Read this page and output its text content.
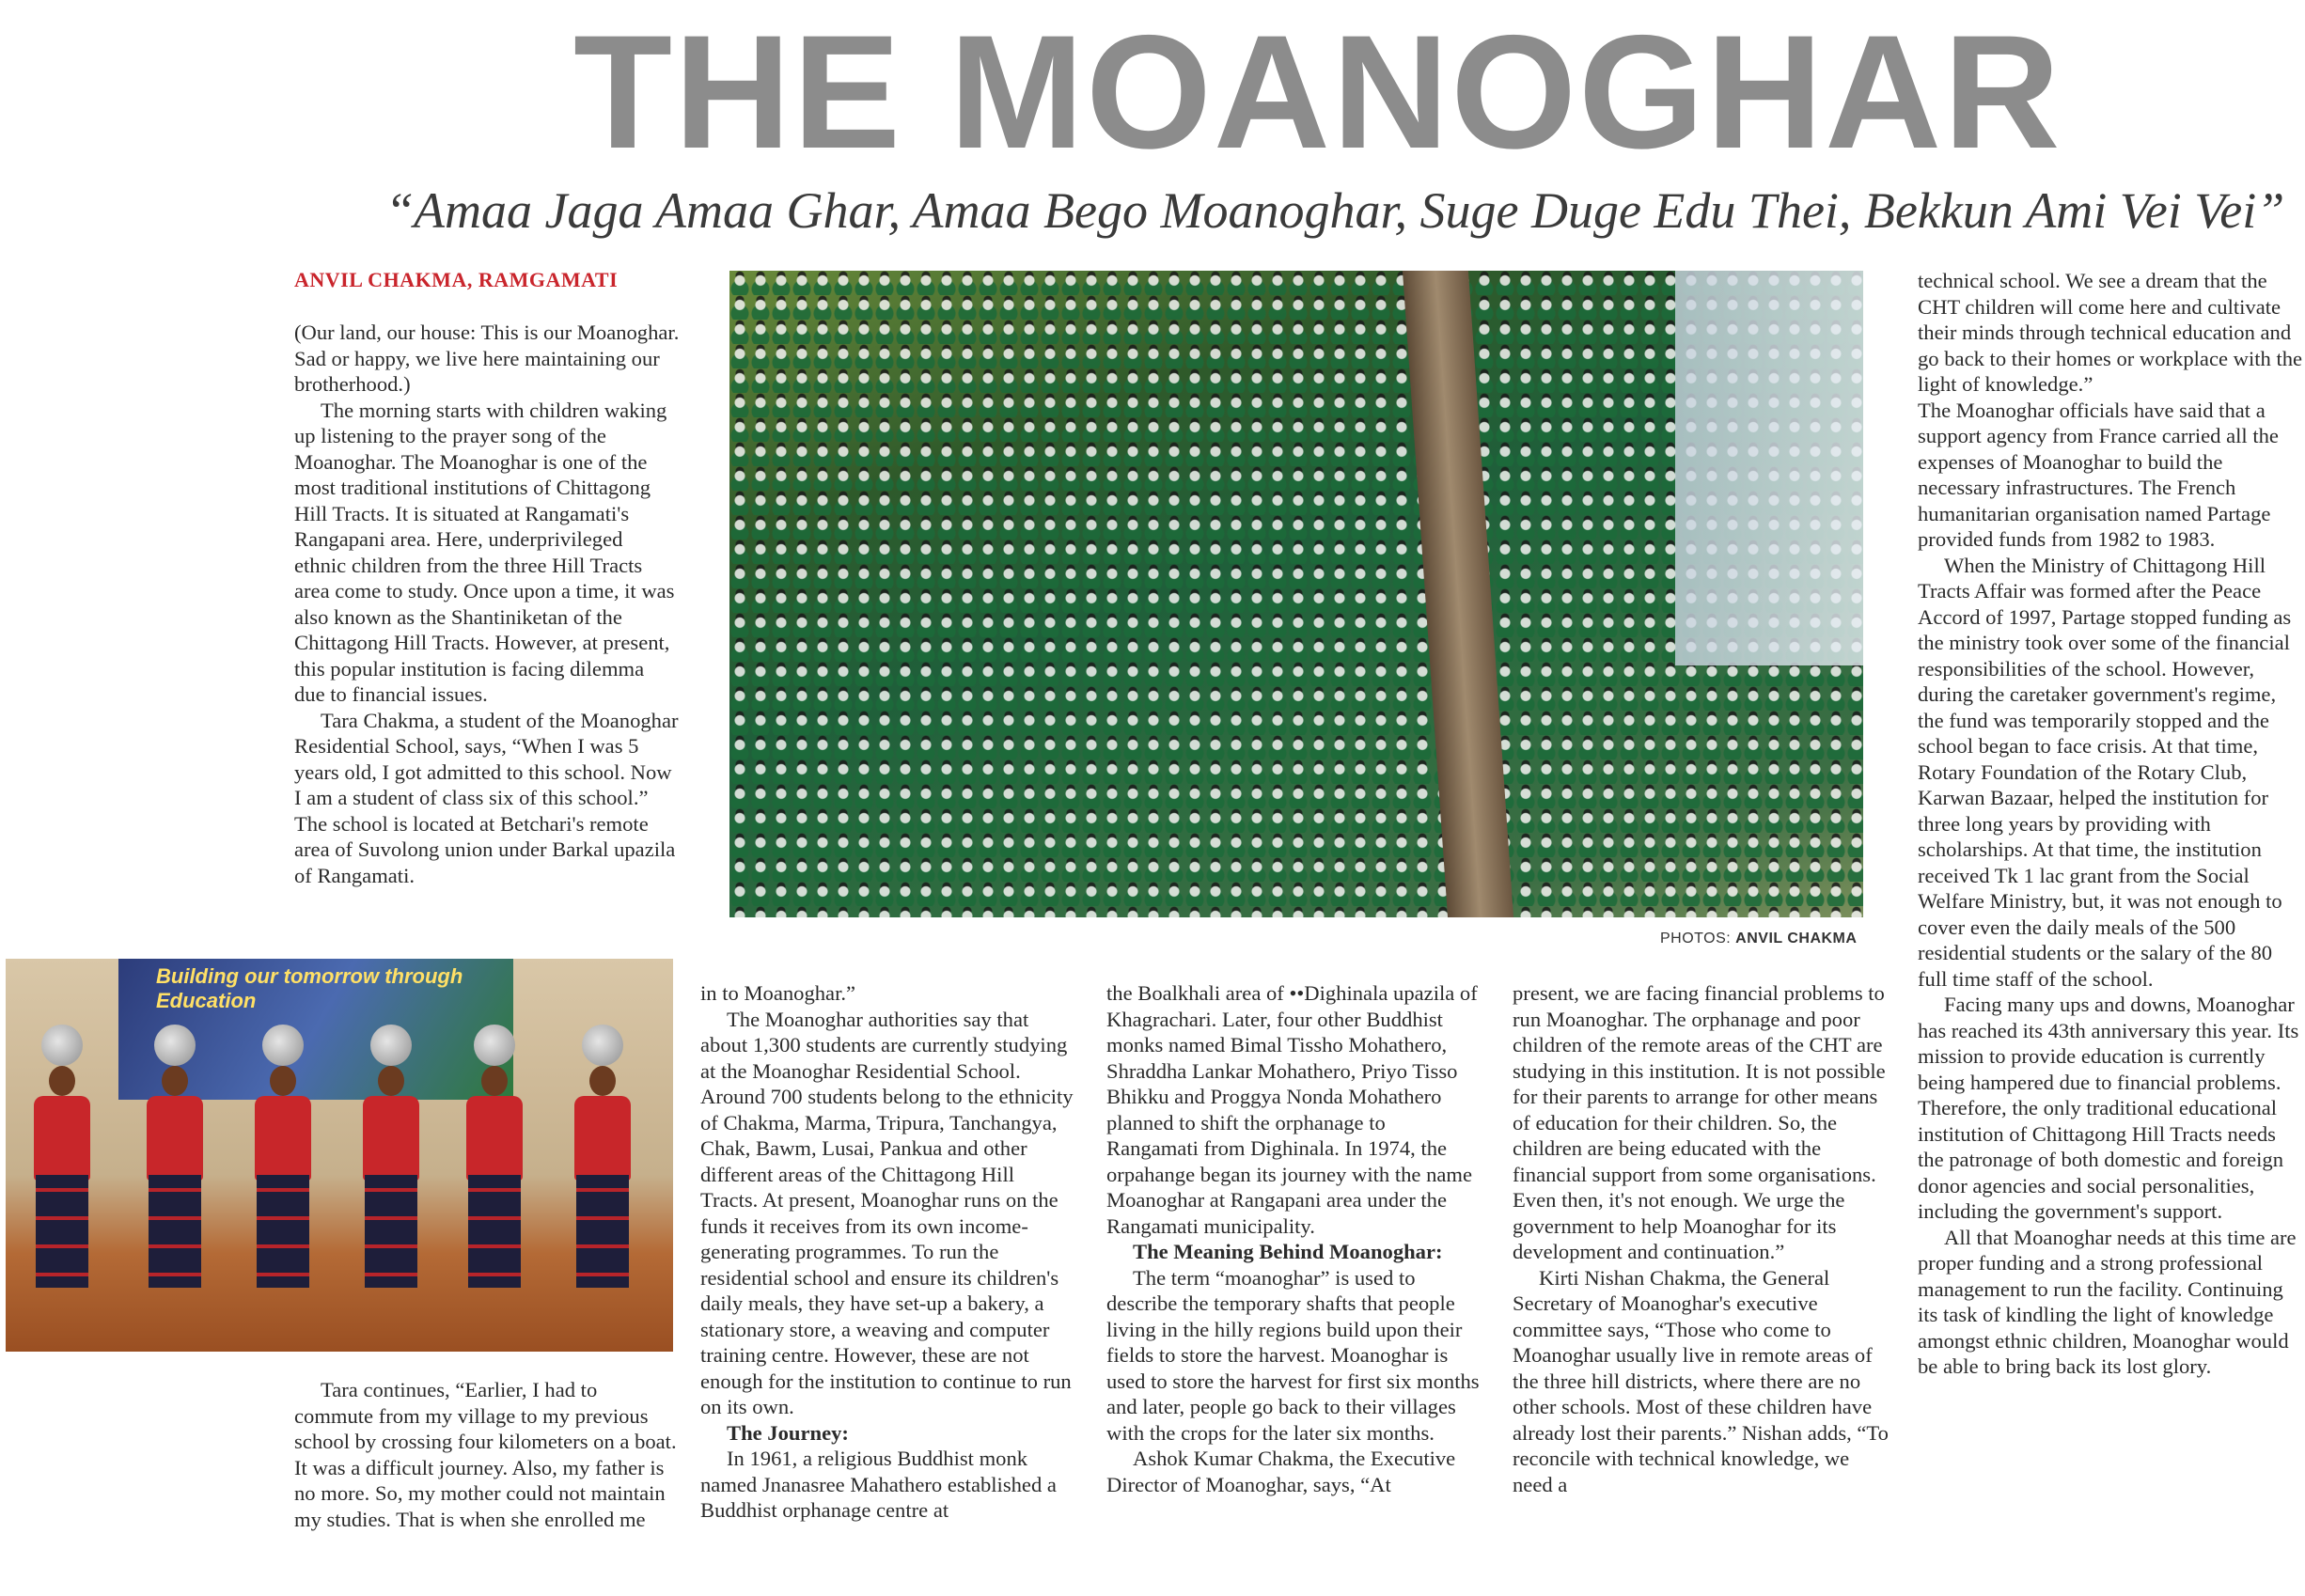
THE MOANOGHAR
“Amaa Jaga Amaa Ghar, Amaa Bego Moanoghar, Suge Duge Edu Thei, Bekkun Ami Vei Vei”
ANVIL CHAKMA, RAMGAMATI
PHOTOS: ANVIL CHAKMA
Building our tomorrow through Education

(Our land, our house: This is our Moanoghar. Sad or happy, we live here maintaining our brotherhood.)

The morning starts with children waking up listening to the prayer song of the Moanoghar. The Moanoghar is one of the most traditional institutions of Chittagong Hill Tracts. It is situated at Rangamati's Rangapani area. Here, underprivileged ethnic children from the three Hill Tracts area come to study. Once upon a time, it was also known as the Shantiniketan of the Chittagong Hill Tracts. However, at present, this popular institution is facing dilemma due to financial issues.

Tara Chakma, a student of the Moanoghar Residential School, says, “When I was 5 years old, I got admitted to this school. Now I am a student of class six of this school.” The school is located at Betchari's remote area of Suvolong union under Barkal upazila of Rangamati.

Tara continues, “Earlier, I had to commute from my village to my previous school by crossing four kilometers on a boat. It was a difficult journey. Also, my father is no more. So, my mother could not maintain my studies. That is when she enrolled me

in to Moanoghar.”

The Moanoghar authorities say that about 1,300 students are currently studying at the Moanoghar Residential School. Around 700 students belong to the ethnicity of Chakma, Marma, Tripura, Tanchangya, Chak, Bawm, Lusai, Pankua and other different areas of the Chittagong Hill Tracts. At present, Moanoghar runs on the funds it receives from its own income-generating programmes. To run the residential school and ensure its children's daily meals, they have set-up a bakery, a stationary store, a weaving and computer training centre. However, these are not enough for the institution to continue to run on its own.

The Journey:

In 1961, a religious Buddhist monk named Jnanasree Mahathero established a Buddhist orphanage centre at

the Boalkhali area of ••Dighinala upazila of Khagrachari. Later, four other Buddhist monks named Bimal Tissho Mohathero, Shraddha Lankar Mohathero, Priyo Tisso Bhikku and Proggya Nonda Mohathero planned to shift the orphanage to Rangamati from Dighinala. In 1974, the orpahange began its journey with the name Moanoghar at Rangapani area under the Rangamati municipality.

The Meaning Behind Moanoghar:

The term “moanoghar” is used to describe the temporary shafts that people living in the hilly regions build upon their fields to store the harvest. Moanoghar is used to store the harvest for first six months and later, people go back to their villages with the crops for the later six months.

Ashok Kumar Chakma, the Executive Director of Moanoghar, says, “At

present, we are facing financial problems to run Moanoghar. The orphanage and poor children of the remote areas of the CHT are studying in this institution. It is not possible for their parents to arrange for other means of education for their children. So, the children are being educated with the financial support from some organisations. Even then, it's not enough. We urge the government to help Moanoghar for its development and continuation.”

Kirti Nishan Chakma, the General Secretary of Moanoghar's executive committee says, “Those who come to Moanoghar usually live in remote areas of the three hill districts, where there are no other schools. Most of these children have already lost their parents.” Nishan adds, “To reconcile with technical knowledge, we need a

technical school. We see a dream that the CHT children will come here and cultivate their minds through technical education and go back to their homes or workplace with the light of knowledge.”

The Moanoghar officials have said that a support agency from France carried all the expenses of Moanoghar to build the necessary infrastructures. The French humanitarian organisation named Partage provided funds from 1982 to 1983.

When the Ministry of Chittagong Hill Tracts Affair was formed after the Peace Accord of 1997, Partage stopped funding as the ministry took over some of the financial responsibilities of the school. However, during the caretaker government's regime, the fund was temporarily stopped and the school began to face crisis. At that time, Rotary Foundation of the Rotary Club, Karwan Bazaar, helped the institution for three long years by providing with scholarships. At that time, the institution received Tk 1 lac grant from the Social Welfare Ministry, but, it was not enough to cover even the daily meals of the 500 residential students or the salary of the 80 full time staff of the school.

Facing many ups and downs, Moanoghar has reached its 43th anniversary this year. Its mission to provide education is currently being hampered due to financial problems. Therefore, the only traditional educational institution of Chittagong Hill Tracts needs the patronage of both domestic and foreign donor agencies and social personalities, including the government's support.

All that Moanoghar needs at this time are proper funding and a strong professional management to run the facility. Continuing its task of kindling the light of knowledge amongst ethnic children, Moanoghar would be able to bring back its lost glory.
